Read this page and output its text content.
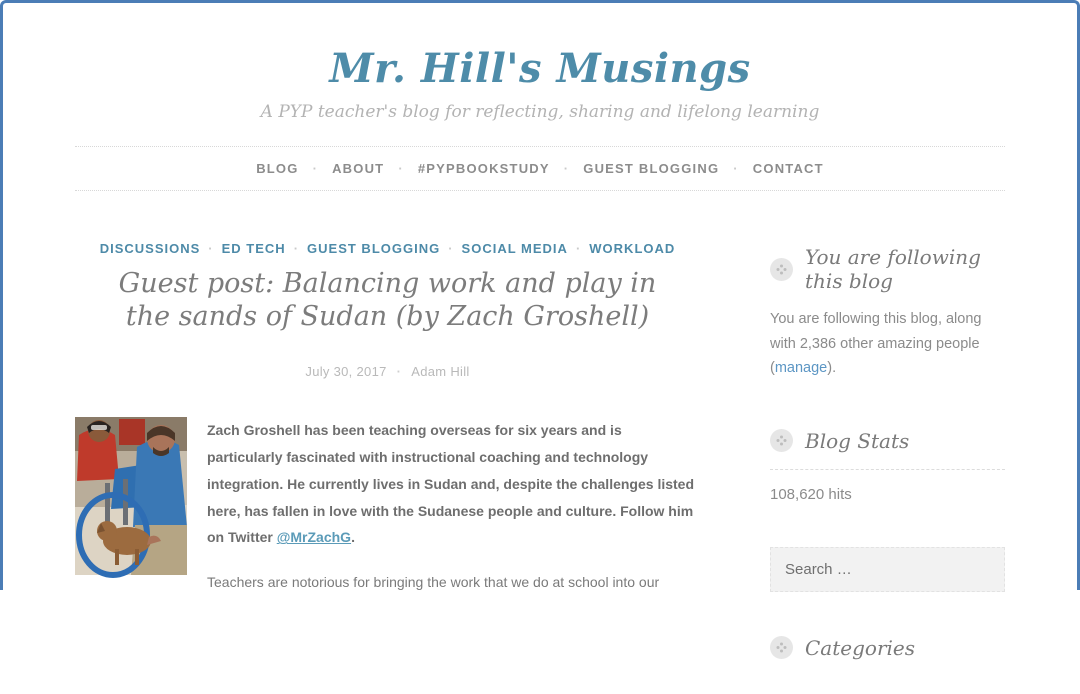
Mr. Hill's Musings
A PYP teacher's blog for reflecting, sharing and lifelong learning
BLOG · ABOUT · #PYPBOOKSTUDY · GUEST BLOGGING · CONTACT
DISCUSSIONS · ED TECH · GUEST BLOGGING · SOCIAL MEDIA · WORKLOAD
Guest post: Balancing work and play in the sands of Sudan (by Zach Groshell)
July 30, 2017 · Adam Hill

Zach Groshell has been teaching overseas for six years and is particularly fascinated with instructional coaching and technology integration. He currently lives in Sudan and, despite the challenges listed here, has fallen in love with the Sudanese people and culture. Follow him on Twitter @MrZachG.

Teachers are notorious for bringing the work that we do at school into our

You are following this blog
You are following this blog, along with 2,386 other amazing people (manage).
Blog Stats
108,620 hits
Search …
Categories
